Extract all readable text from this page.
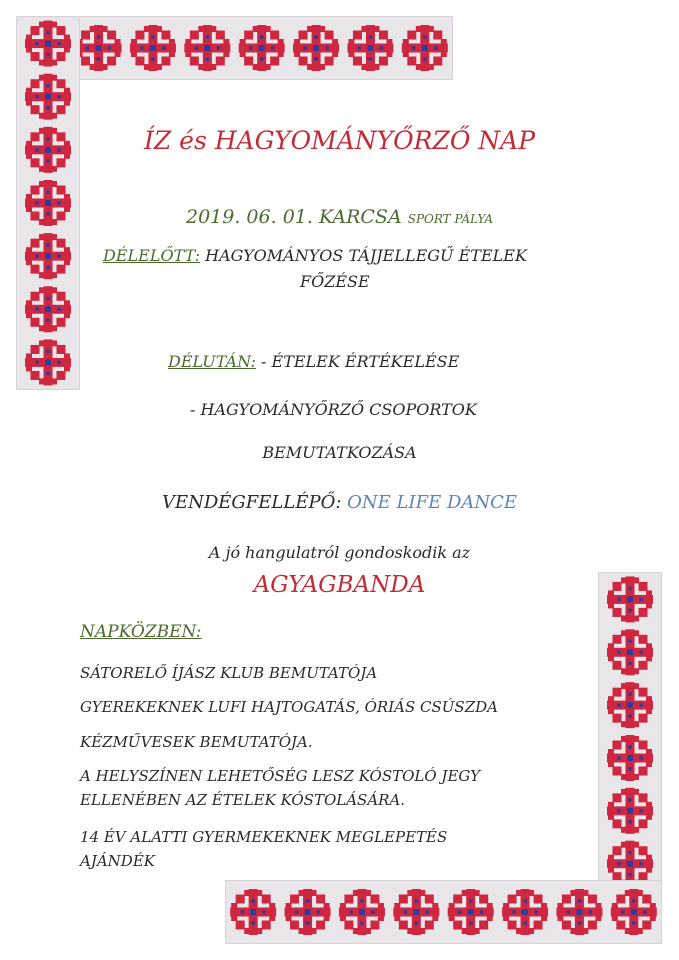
ÍZ és HAGYOMÁNYŐRZŐ NAP
2019. 06. 01. KARCSA SPORT PÁLYA
DÉLELŐTT: HAGYOMÁNYOS TÁJJELLEGŰ ÉTELEK
FŐZÉSE
DÉLUTÁN: - ÉTELEK ÉRTÉKELÉSE
- HAGYOMÁNYŐRZŐ CSOPORTOK
BEMUTATKOZÁSA
VENDÉGFELLÉPŐ: ONE LIFE DANCE
A jó hangulatról gondoskodik az
AGYAGBANDA
NAPKÖZBEN:
SÁTORELŐ ÍJÁSZ KLUB BEMUTATÓJA
GYEREKEKNEK LUFI HAJTOGATÁS, ÓRIÁS CSÚSZDA
KÉZMŰVESEK BEMUTATÓJA.
A HELYSZÍNEN LEHETŐSÉG LESZ KÓSTOLÓ JEGY
ELLENÉBEN AZ ÉTELEK KÓSTOLÁSÁRA.
14 ÉV ALATTI GYERMEKEKNEK MEGLEPETÉS
AJÁNDÉK
